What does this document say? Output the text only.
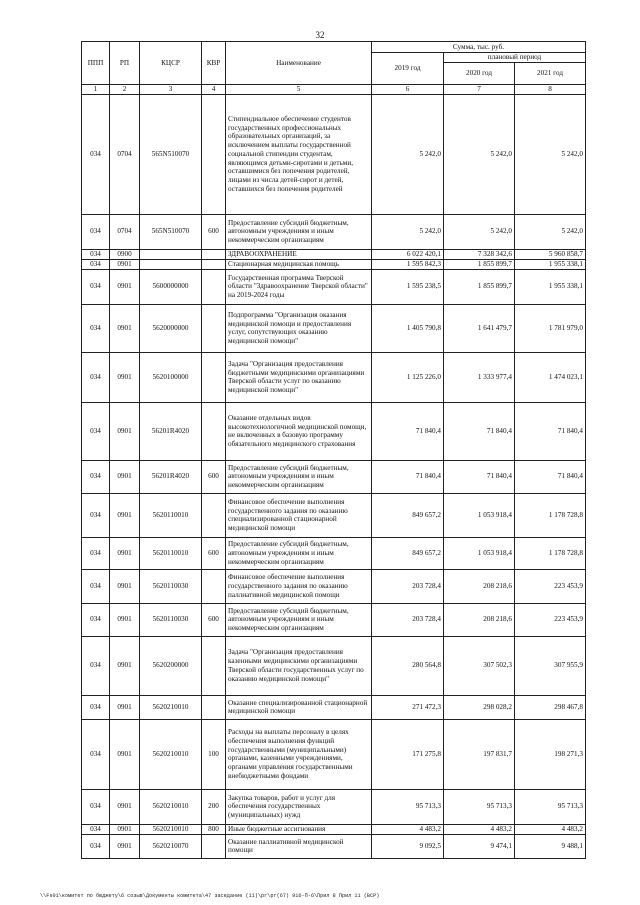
32
ППП	РП	КЦСР	КВР	Наименование	Сумма, тыс. руб.		
					2019 год	плановый период	
						2020 год	2021 год
1	2	3	4	5	6	7	8
034	0704	565N510070		Стипендиальное обеспечение студентов государственных профессиональных образовательных организаций, за исключением выплаты государственной социальной стипендии студентам, являющимся детьми-сиротами и детьми, оставшимися без попечения родителей, лицами из числа детей-сирот и детей, оставшихся без попечения родителей	5 242,0	5 242,0	5 242,0
034	0704	565N510070	600	Предоставление субсидий бюджетным, автономным учреждениям и иным некоммерческим организациям	5 242,0	5 242,0	5 242,0
034	0900			ЗДРАВООХРАНЕНИЕ	6 022 420,1	7 328 342,6	5 960 858,7
034	0901			Стационарная медицинская помощь	1 595 842,3	1 855 899,7	1 955 338,1
034	0901	5600000000		Государственная программа Тверской области "Здравоохранение Тверской области" на 2019-2024 годы	1 595 238,5	1 855 899,7	1 955 338,1
034	0901	5620000000		Подпрограмма "Организация оказания медицинской помощи и предоставления услуг, сопутствующих оказанию медицинской помощи"	1 405 790,8	1 641 479,7	1 781 979,0
034	0901	5620100000		Задача "Организация предоставления бюджетными медицинскими организациями Тверской области услуг по оказанию медицинской помощи"	1 125 226,0	1 333 977,4	1 474 023,1
034	0901	56201R4020		Оказание отдельных видов высокотехнологичной медицинской помощи, не включенных в базовую программу обязательного медицинского страхования	71 840,4	71 840,4	71 840,4
034	0901	56201R4020	600	Предоставление субсидий бюджетным, автономным учреждениям и иным некоммерческим организациям	71 840,4	71 840,4	71 840,4
034	0901	5620110010		Финансовое обеспечение выполнения государственного задания по оказанию специализированной стационарной медицинской помощи	849 657,2	1 053 918,4	1 178 728,8
034	0901	5620110010	600	Предоставление субсидий бюджетным, автономным учреждениям и иным некоммерческим организациям	849 657,2	1 053 918,4	1 178 728,8
034	0901	5620110030		Финансовое обеспечение выполнения государственного задания по оказанию паллиативной медицинской помощи	203 728,4	208 218,6	223 453,9
034	0901	5620110030	600	Предоставление субсидий бюджетным, автономным учреждениям и иным некоммерческим организациям	203 728,4	208 218,6	223 453,9
034	0901	5620200000		Задача "Организация предоставления казенными медицинскими организациями Тверской области государственных услуг по оказанию медицинской помощи"	280 564,8	307 502,3	307 955,9
034	0901	5620210010		Оказание специализированной стационарной медицинской помощи	271 472,3	298 028,2	298 467,8
034	0901	5620210010	100	Расходы на выплаты персоналу в целях обеспечения выполнения функций государственными (муниципальными) органами, казенными учреждениями, органами управления государственными внебюджетными фондами	171 275,8	197 831,7	198 271,3
034	0901	5620210010	200	Закупка товаров, работ и услуг для обеспечения государственных (муниципальных) нужд	95 713,3	95 713,3	95 713,3
034	0901	5620210010	800	Иные бюджетные ассигнования	4 483,2	4 483,2	4 483,2
034	0901	5620210070		Оказание паллиативной медицинской помощи	9 092,5	9 474,1	9 488,1
\\Fs01\комитет по бюджету\6 созыв\Документы комитета\47 заседание (11)\рг\рг(67) 916-П-6\Прил 8 Прил 11 (ВСР)
